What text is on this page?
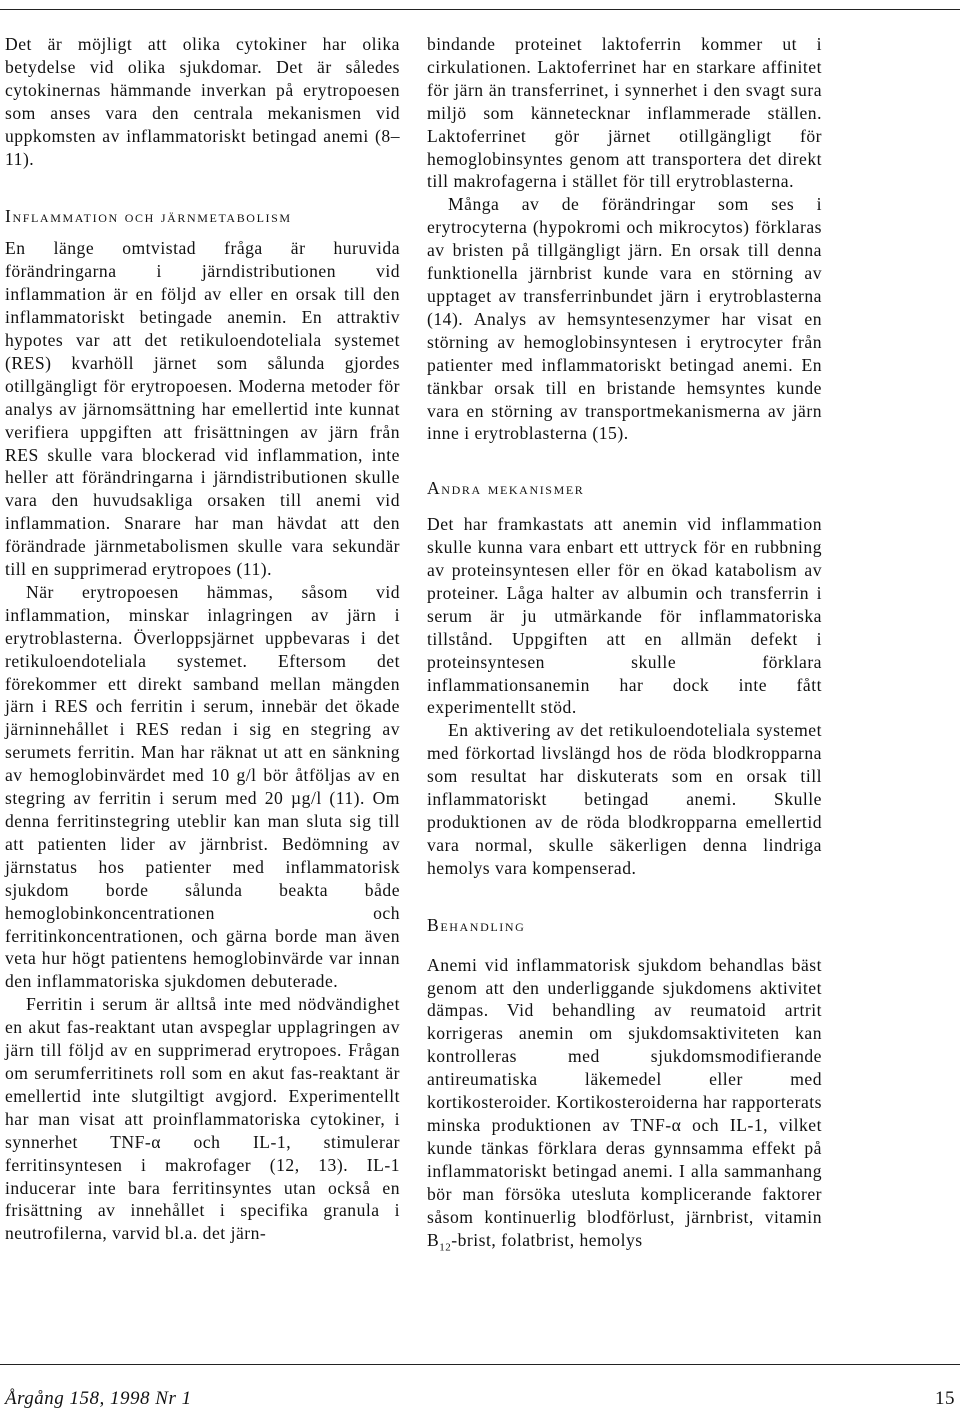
Det är möjligt att olika cytokiner har olika betydelse vid olika sjukdomar. Det är således cytokinernas hämmande inverkan på erytropoesen som anses vara den centrala mekanismen vid uppkomsten av inflammatoriskt betingad anemi (8–11).

Inflammation och järnmetabolism

En länge omtvistad fråga är huruvida förändringarna i järndistributionen vid inflammation är en följd av eller en orsak till den inflammatoriskt betingade anemin. En attraktiv hypotes var att det retikuloendoteliala systemet (RES) kvarhöll järnet som sålunda gjordes otillgängligt för erytropoesen. Moderna metoder för analys av järnomsättning har emellertid inte kunnat verifiera uppgiften att frisättningen av järn från RES skulle vara blockerad vid inflammation, inte heller att förändringarna i järndistributionen skulle vara den huvudsakliga orsaken till anemi vid inflammation. Snarare har man hävdat att den förändrade järnmetabolismen skulle vara sekundär till en supprimerad erytropoes (11).

När erytropoesen hämmas, såsom vid inflammation, minskar inlagringen av järn i erytroblasterna. Överloppsjärnet uppbevaras i det retikuloendoteliala systemet. Eftersom det förekommer ett direkt samband mellan mängden järn i RES och ferritin i serum, innebär det ökade järninnehållet i RES redan i sig en stegring av serumets ferritin. Man har räknat ut att en sänkning av hemoglobinvärdet med 10 g/l bör åtföljas av en stegring av ferritin i serum med 20 µg/l (11). Om denna ferritinstegring uteblir kan man sluta sig till att patienten lider av järnbrist. Bedömning av järnstatus hos patienter med inflammatorisk sjukdom borde sålunda beakta både hemoglobinkoncentrationen och ferritinkoncentrationen, och gärna borde man även veta hur högt patientens hemoglobinvärde var innan den inflammatoriska sjukdomen debuterade.

Ferritin i serum är alltså inte med nödvändighet en akut fas-reaktant utan avspeglar upplagringen av järn till följd av en supprimerad erytropoes. Frågan om serumferritinets roll som en akut fas-reaktant är emellertid inte slutgiltigt avgjord. Experimentellt har man visat att proinflammatoriska cytokiner, i synnerhet TNF-α och IL-1, stimulerar ferritinsyntesen i makrofager (12, 13). IL-1 inducerar inte bara ferritinsyntes utan också en frisättning av innehållet i specifika granula i neutrofilerna, varvid bl.a. det järn-

bindande proteinet laktoferrin kommer ut i cirkulationen. Laktoferrinet har en starkare affinitet för järn än transferrinet, i synnerhet i den svagt sura miljö som kännetecknar inflammerade ställen. Laktoferrinet gör järnet otillgängligt för hemoglobinsyntes genom att transportera det direkt till makrofagerna i stället för till erytroblasterna.

Många av de förändringar som ses i erytrocyterna (hypokromi och mikrocytos) förklaras av bristen på tillgängligt järn. En orsak till denna funktionella järnbrist kunde vara en störning av upptaget av transferrinbundet järn i erytroblasterna (14). Analys av hemsyntesenzymer har visat en störning av hemoglobinsyntesen i erytrocyter från patienter med inflammatoriskt betingad anemi. En tänkbar orsak till en bristande hemsyntes kunde vara en störning av transportmekanismerna av järn inne i erytroblasterna (15).

Andra mekanismer

Det har framkastats att anemin vid inflammation skulle kunna vara enbart ett uttryck för en rubbning av proteinsyntesen eller för en ökad katabolism av proteiner. Låga halter av albumin och transferrin i serum är ju utmärkande för inflammatoriska tillstånd. Uppgiften att en allmän defekt i proteinsyntesen skulle förklara inflammationsanemin har dock inte fått experimentellt stöd.

En aktivering av det retikuloendoteliala systemet med förkortad livslängd hos de röda blodkropparna som resultat har diskuterats som en orsak till inflammatoriskt betingad anemi. Skulle produktionen av de röda blodkropparna emellertid vara normal, skulle säkerligen denna lindriga hemolys vara kompenserad.

Behandling

Anemi vid inflammatorisk sjukdom behandlas bäst genom att den underliggande sjukdomens aktivitet dämpas. Vid behandling av reumatoid artrit korrigeras anemin om sjukdomsaktiviteten kan kontrolleras med sjukdomsmodifierande antireumatiska läkemedel eller med kortikosteroider. Kortikosteroiderna har rapporterats minska produktionen av TNF-α och IL-1, vilket kunde tänkas förklara deras gynnsamma effekt på inflammatoriskt betingad anemi. I alla sammanhang bör man försöka utesluta komplicerande faktorer såsom kontinuerlig blodförlust, järnbrist, vitamin $B_{12}$-brist, folatbrist, hemolys

Årgång 158, 1998 Nr 1	15
